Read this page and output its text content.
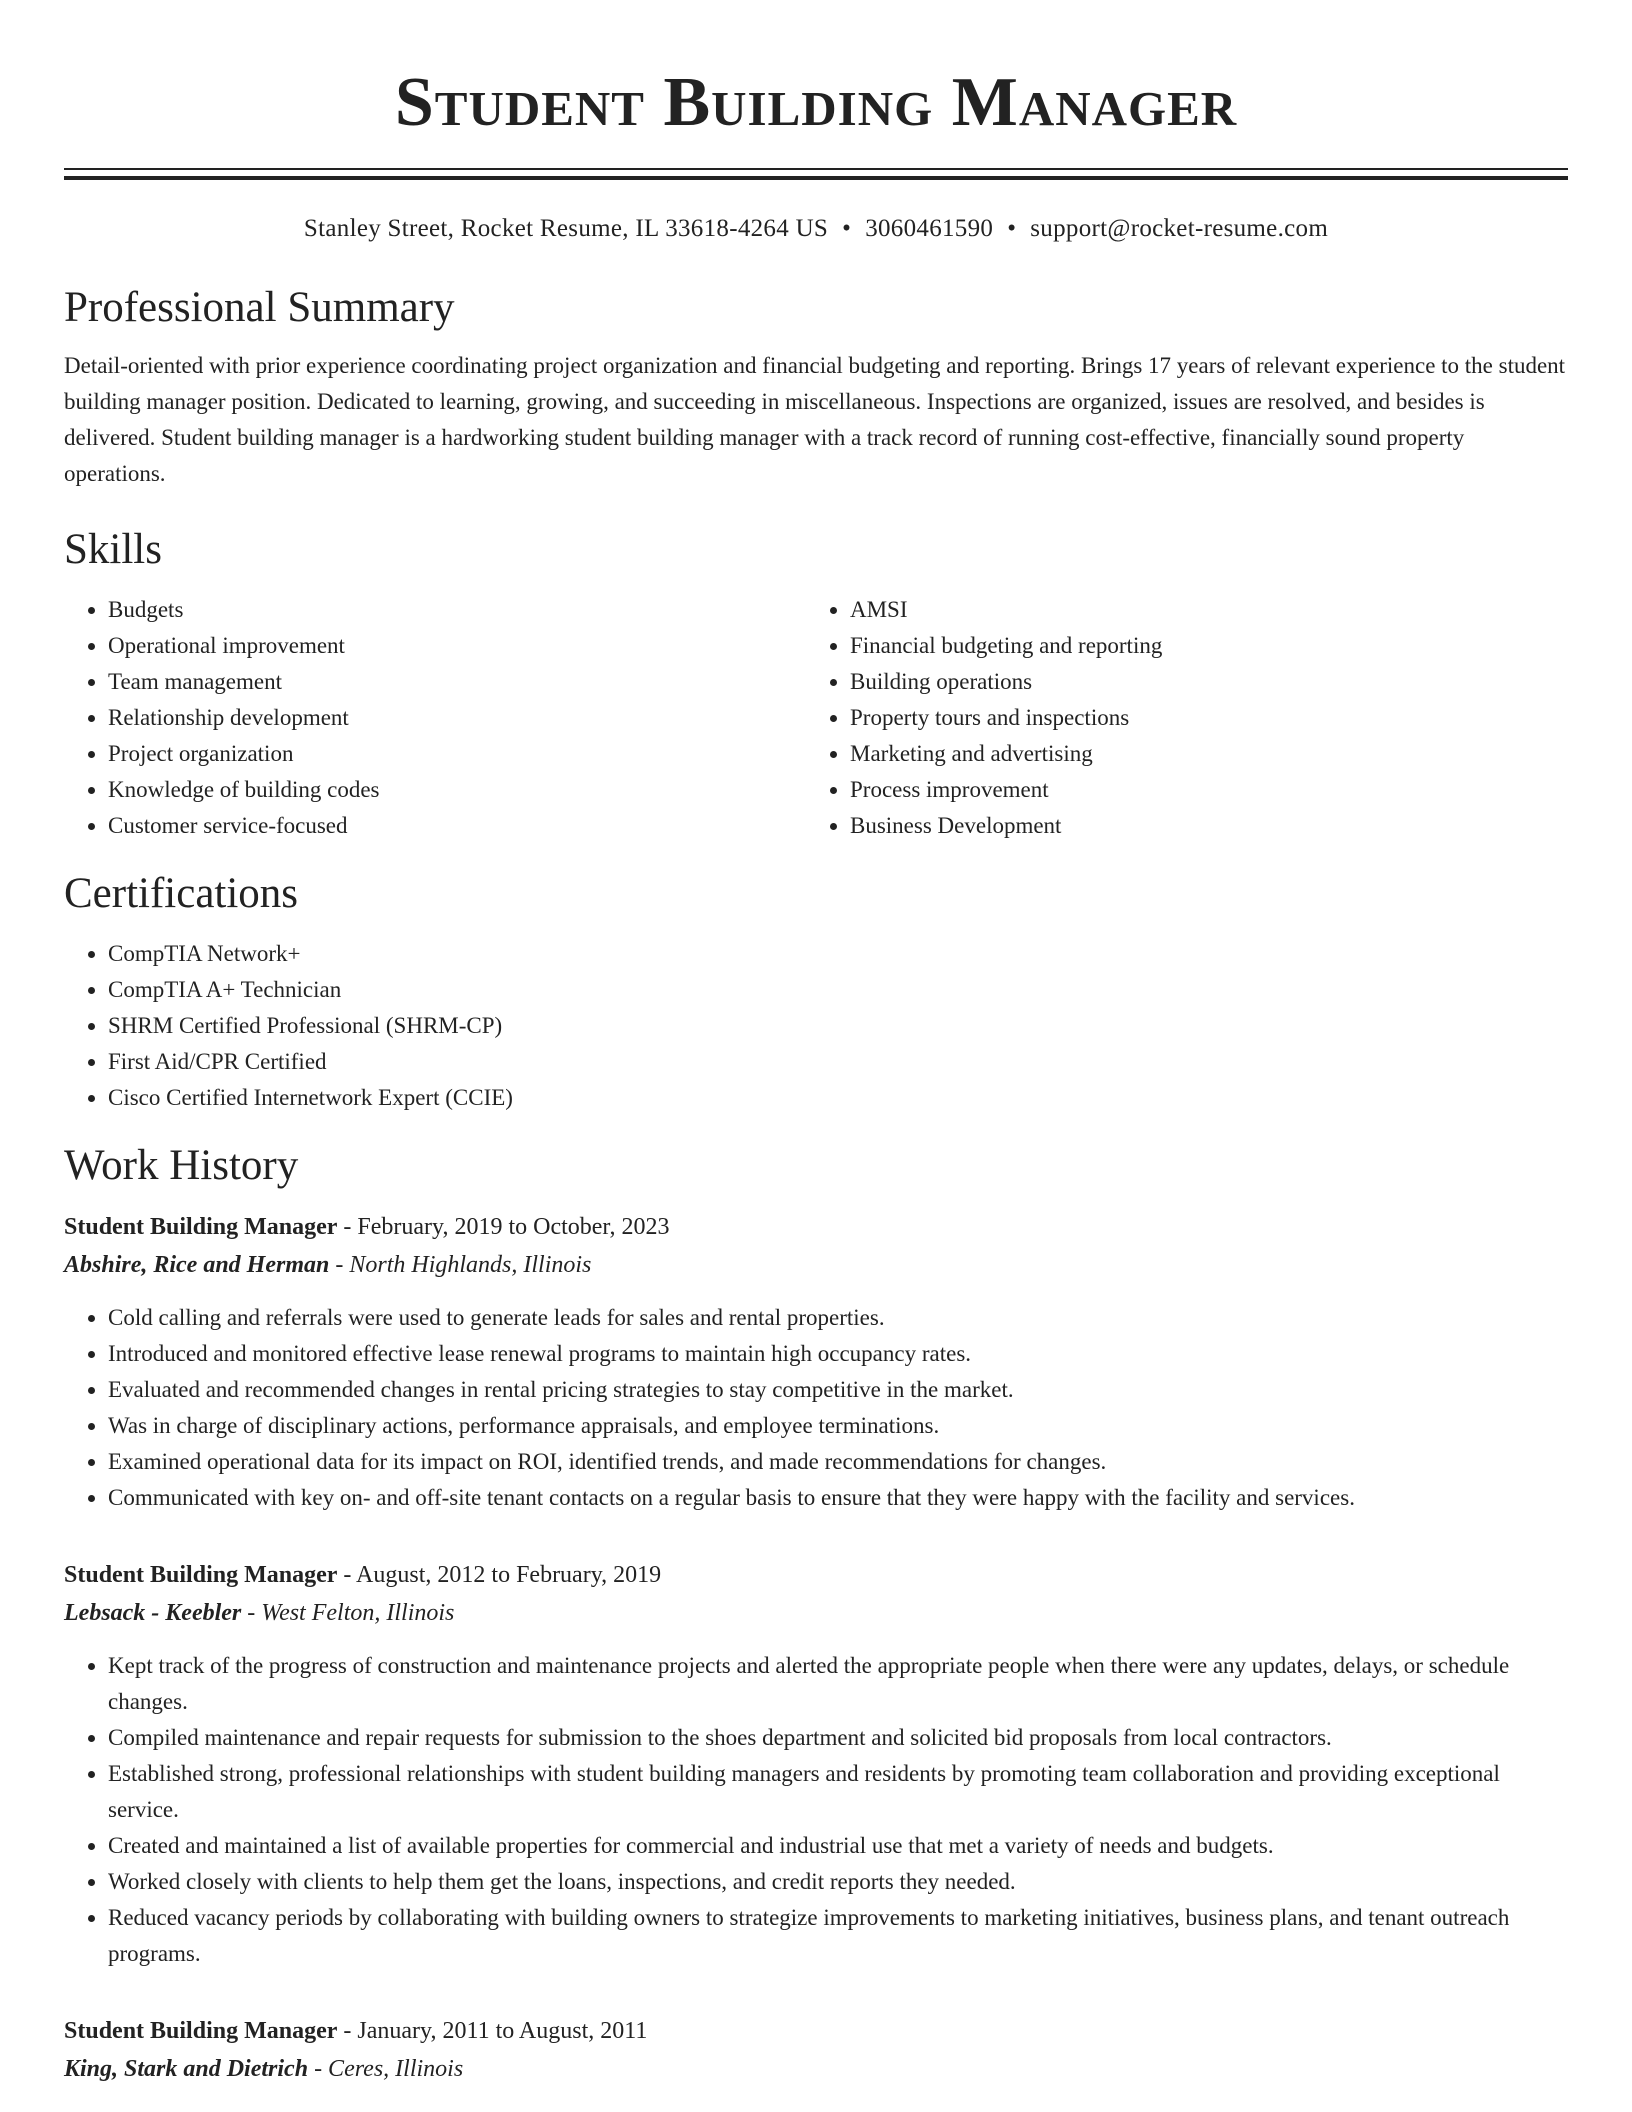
Student Building Manager
Stanley Street, Rocket Resume, IL 33618-4264 US • 3060461590 • support@rocket-resume.com
Professional Summary
Detail-oriented with prior experience coordinating project organization and financial budgeting and reporting. Brings 17 years of relevant experience to the student building manager position. Dedicated to learning, growing, and succeeding in miscellaneous. Inspections are organized, issues are resolved, and besides is delivered. Student building manager is a hardworking student building manager with a track record of running cost-effective, financially sound property operations.
Skills
• Budgets
• Operational improvement
• Team management
• Relationship development
• Project organization
• Knowledge of building codes
• Customer service-focused
• AMSI
• Financial budgeting and reporting
• Building operations
• Property tours and inspections
• Marketing and advertising
• Process improvement
• Business Development
Certifications
• CompTIA Network+
• CompTIA A+ Technician
• SHRM Certified Professional (SHRM-CP)
• First Aid/CPR Certified
• Cisco Certified Internetwork Expert (CCIE)
Work History
Student Building Manager - February, 2019 to October, 2023
Abshire, Rice and Herman - North Highlands, Illinois
• Cold calling and referrals were used to generate leads for sales and rental properties.
• Introduced and monitored effective lease renewal programs to maintain high occupancy rates.
• Evaluated and recommended changes in rental pricing strategies to stay competitive in the market.
• Was in charge of disciplinary actions, performance appraisals, and employee terminations.
• Examined operational data for its impact on ROI, identified trends, and made recommendations for changes.
• Communicated with key on- and off-site tenant contacts on a regular basis to ensure that they were happy with the facility and services.
Student Building Manager - August, 2012 to February, 2019
Lebsack - Keebler - West Felton, Illinois
• Kept track of the progress of construction and maintenance projects and alerted the appropriate people when there were any updates, delays, or schedule changes.
• Compiled maintenance and repair requests for submission to the shoes department and solicited bid proposals from local contractors.
• Established strong, professional relationships with student building managers and residents by promoting team collaboration and providing exceptional service.
• Created and maintained a list of available properties for commercial and industrial use that met a variety of needs and budgets.
• Worked closely with clients to help them get the loans, inspections, and credit reports they needed.
• Reduced vacancy periods by collaborating with building owners to strategize improvements to marketing initiatives, business plans, and tenant outreach programs.
Student Building Manager - January, 2011 to August, 2011
King, Stark and Dietrich - Ceres, Illinois
